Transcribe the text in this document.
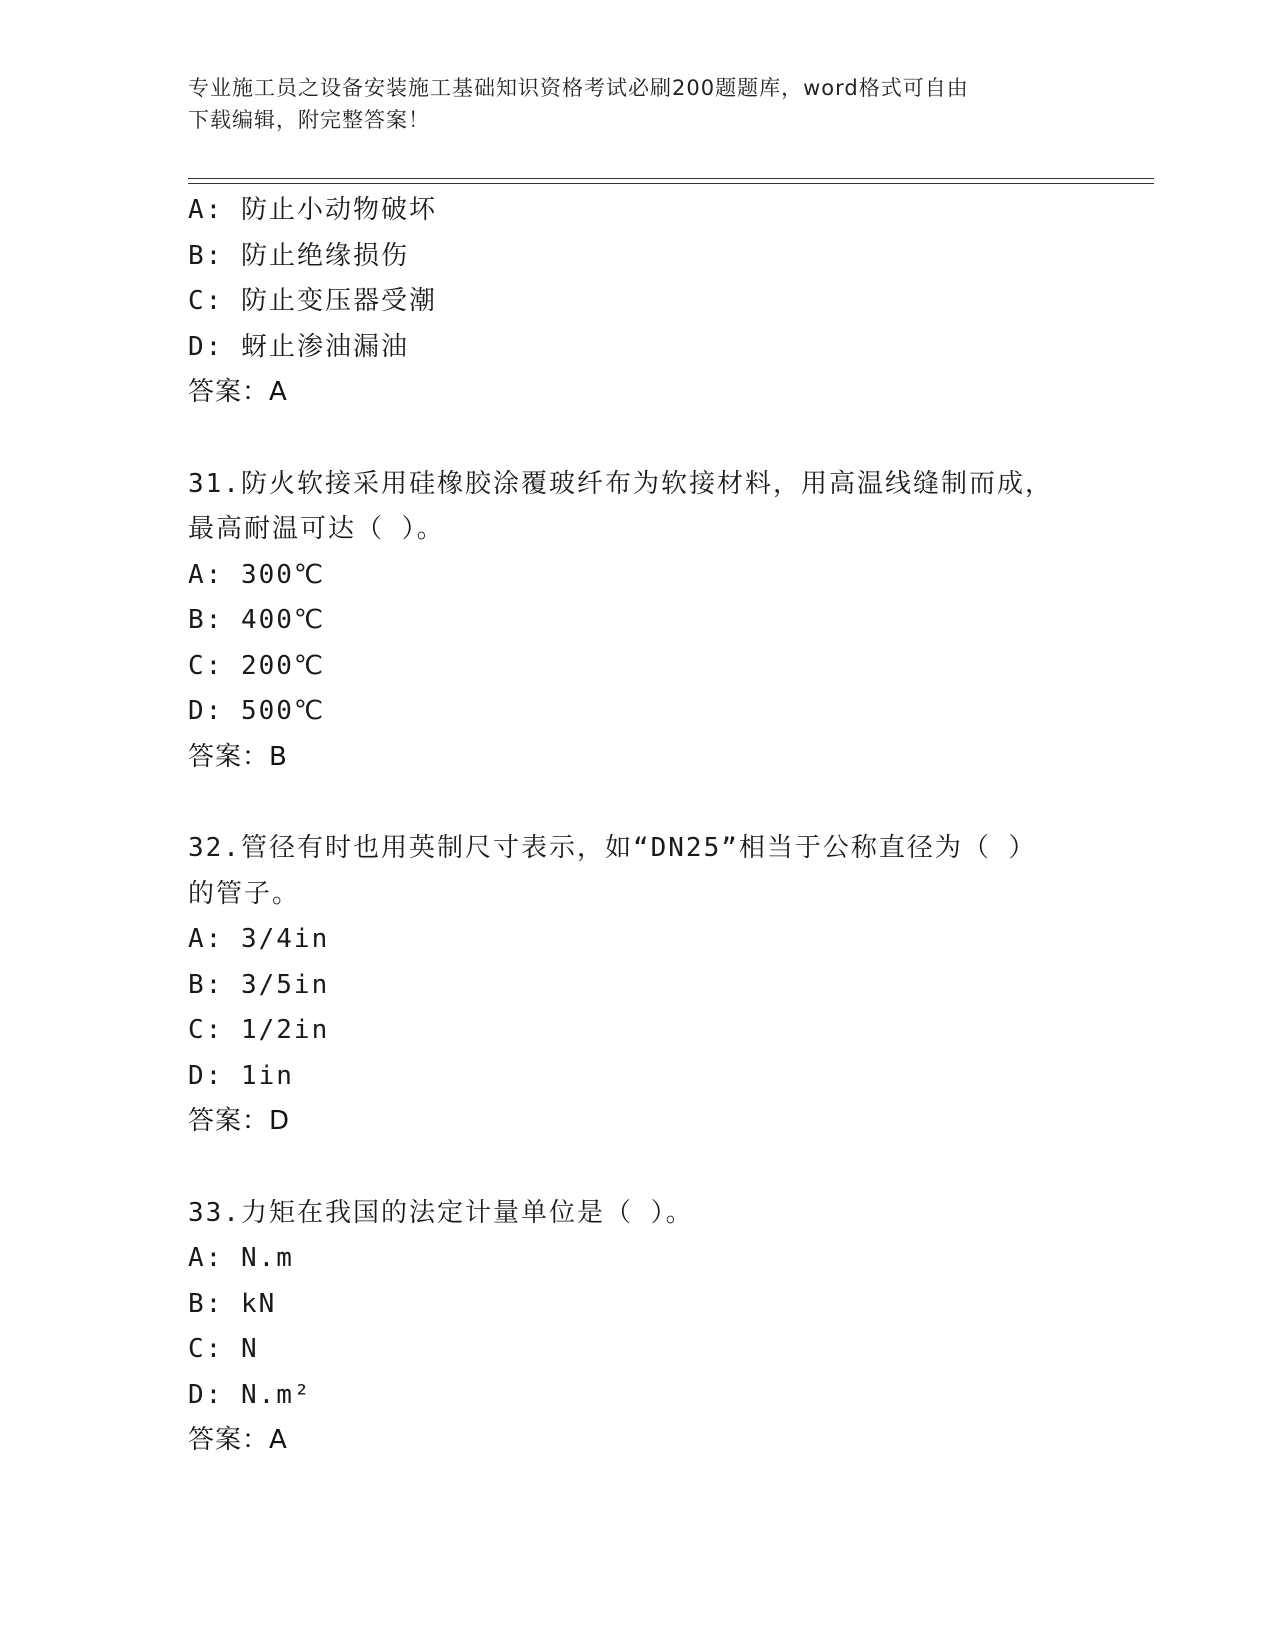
专业施工员之设备安装施工基础知识资格考试必刷200题题库，word格式可自由
下载编辑，附完整答案！
A: 防止小动物破坏
B: 防止绝缘损伤
C: 防止变压器受潮
D: 蚜止渗油漏油
答案：A
31.防火软接采用硅橡胶涂覆玻纤布为软接材料，用高温线缝制而成，
最高耐温可达（ ）。
A: 300℃
B: 400℃
C: 200℃
D: 500℃
答案：B
32.管径有时也用英制尺寸表示，如“DN25”相当于公称直径为（ ）
的管子。
A: 3/4in
B: 3/5in
C: 1/2in
D: 1in
答案：D
33.力矩在我国的法定计量单位是（ ）。
A: N.m
B: kN
C: N
D: N.m²
答案：A
